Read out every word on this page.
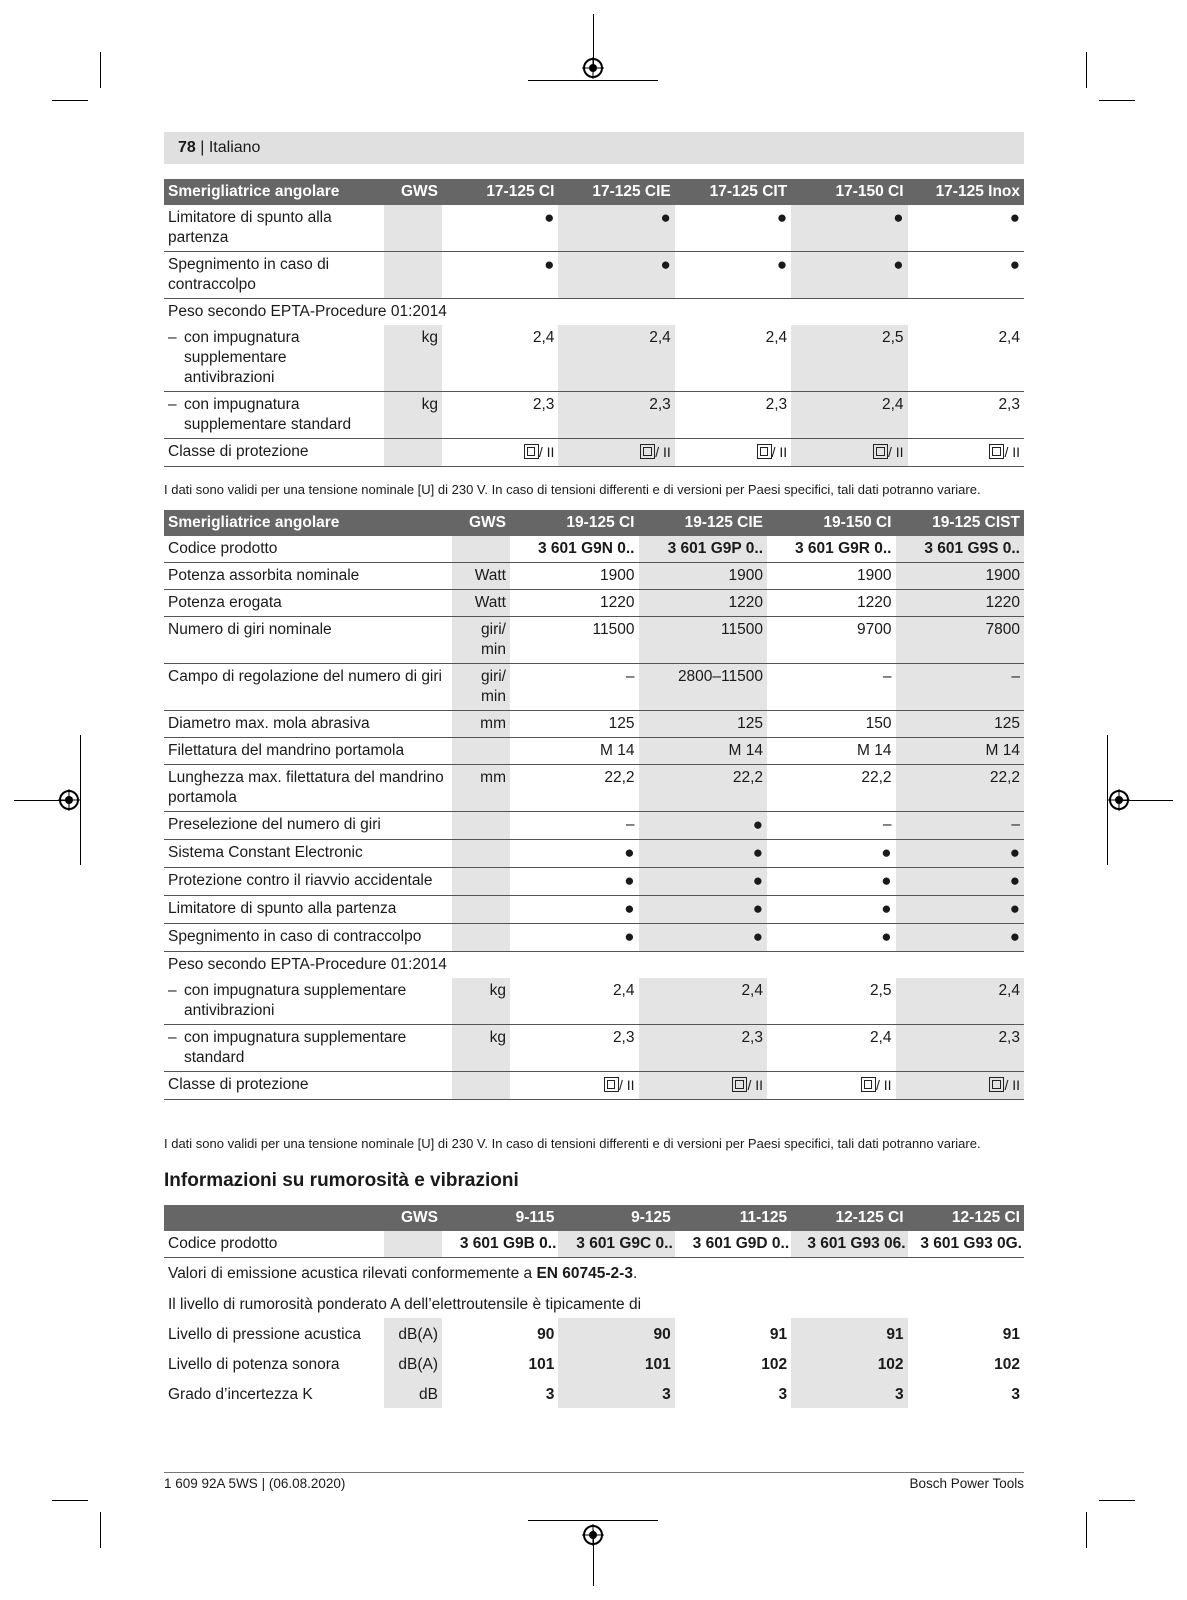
78 | Italiano
Smerigliatrice angolare	GWS	17-125 CI	17-125 CIE	17-125 CIT	17-150 CI	17-125 Inox
Limitatore di spunto alla partenza		●	●	●	●	●
Spegnimento in caso di contraccolpo		●	●	●	●	●
Peso secondo EPTA-Procedure 01:2014						
– con impugnatura supplementare antivibrazioni	kg	2,4	2,4	2,4	2,5	2,4
– con impugnatura supplementare standard	kg	2,3	2,3	2,3	2,4	2,3
Classe di protezione		/ II	/ II	/ II	/ II	/ II
I dati sono validi per una tensione nominale [U] di 230 V. In caso di tensioni differenti e di versioni per Paesi specifici, tali dati potranno variare.
Smerigliatrice angolare	GWS	19-125 CI	19-125 CIE	19-150 CI	19-125 CIST
Codice prodotto		3 601 G9N 0..	3 601 G9P 0..	3 601 G9R 0..	3 601 G9S 0..
Potenza assorbita nominale	Watt	1900	1900	1900	1900
Potenza erogata	Watt	1220	1220	1220	1220
Numero di giri nominale	giri/ min	11500	11500	9700	7800
Campo di regolazione del numero di giri	giri/ min	–	2800–11500	–	–
Diametro max. mola abrasiva	mm	125	125	150	125
Filettatura del mandrino portamola		M 14	M 14	M 14	M 14
Lunghezza max. filettatura del mandrino portamola	mm	22,2	22,2	22,2	22,2
Preselezione del numero di giri		–	●	–	–
Sistema Constant Electronic		●	●	●	●
Protezione contro il riavvio accidentale		●	●	●	●
Limitatore di spunto alla partenza		●	●	●	●
Spegnimento in caso di contraccolpo		●	●	●	●
Peso secondo EPTA-Procedure 01:2014					
– con impugnatura supplementare antivibrazioni	kg	2,4	2,4	2,5	2,4
– con impugnatura supplementare standard	kg	2,3	2,3	2,4	2,3
Classe di protezione		/ II	/ II	/ II	/ II
I dati sono validi per una tensione nominale [U] di 230 V. In caso di tensioni differenti e di versioni per Paesi specifici, tali dati potranno variare.
Informazioni su rumorosità e vibrazioni
	GWS	9-115	9-125	11-125	12-125 CI	12-125 CI
Codice prodotto		3 601 G9B 0..	3 601 G9C 0..	3 601 G9D 0..	3 601 G93 06.	3 601 G93 0G.
Valori di emissione acustica rilevati conformemente a EN 60745-2-3.						
Il livello di rumorosità ponderato A dell’elettroutensile è tipicamente di						
Livello di pressione acustica	dB(A)	90	90	91	91	91
Livello di potenza sonora	dB(A)	101	101	102	102	102
Grado d’incertezza K	dB	3	3	3	3	3
1 609 92A 5WS | (06.08.2020)	Bosch Power Tools
